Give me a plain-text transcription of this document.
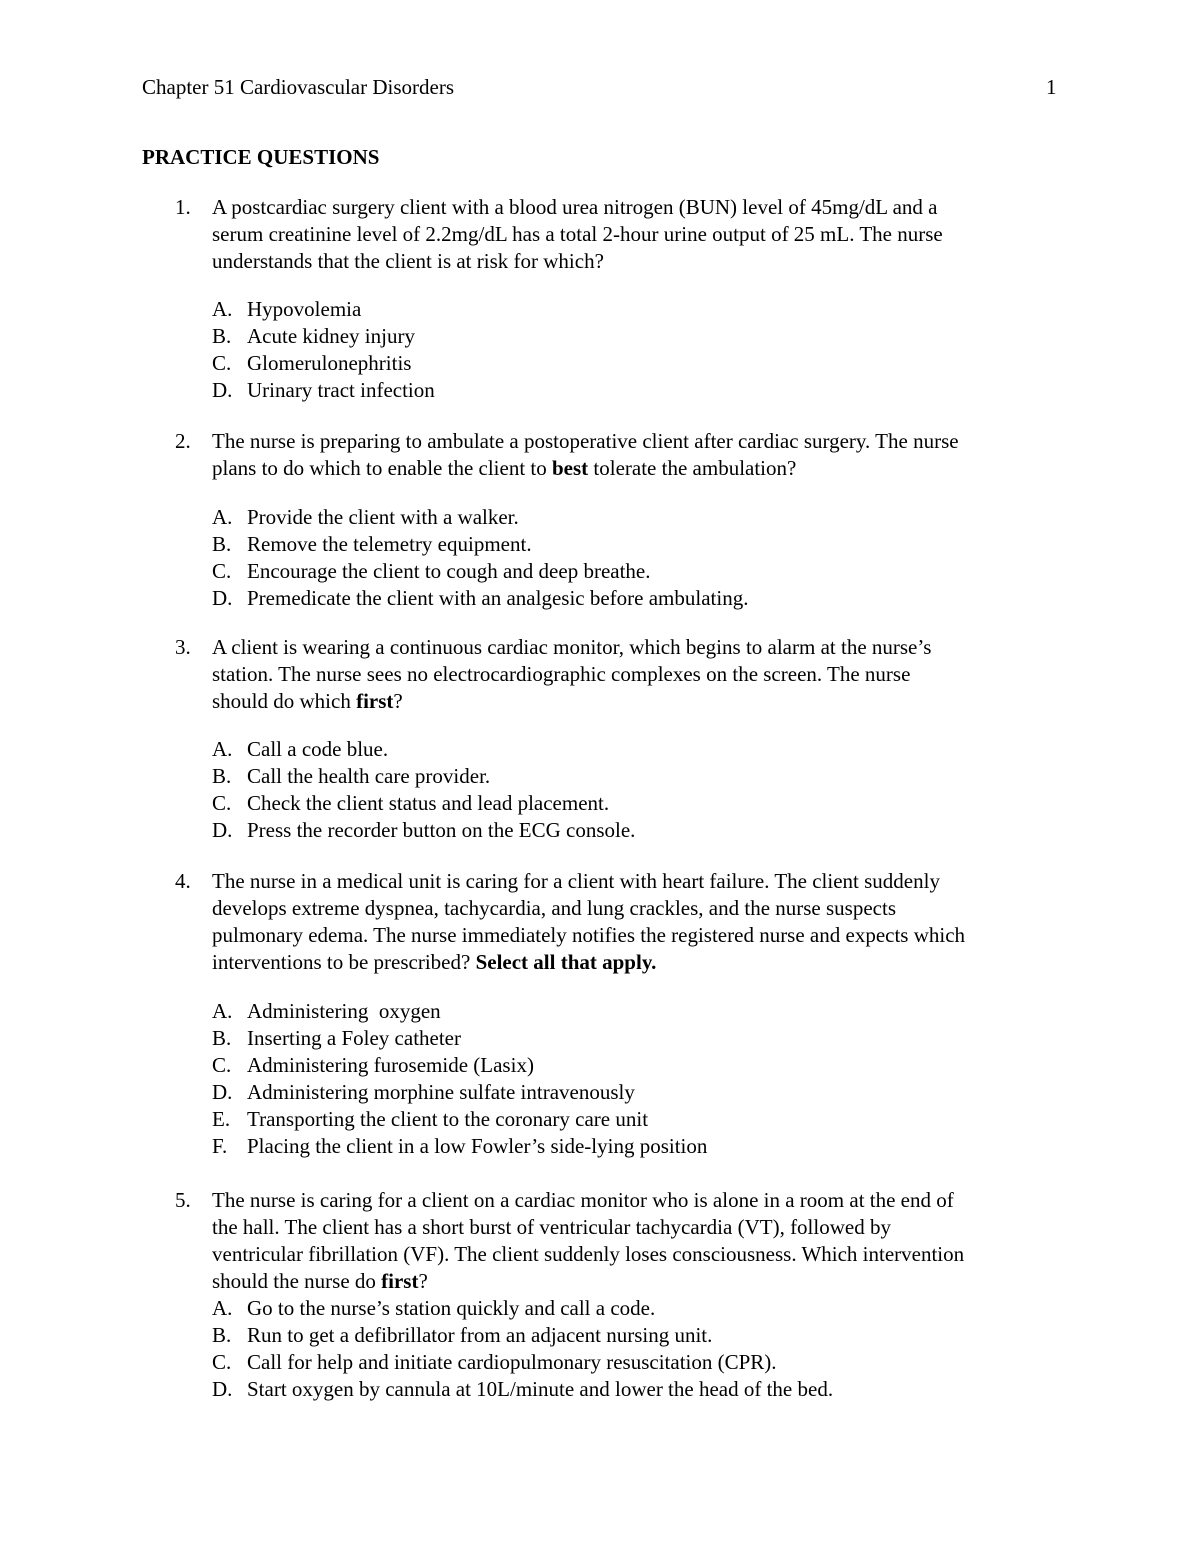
Chapter 51 Cardiovascular Disorders	1
PRACTICE QUESTIONS
1. A postcardiac surgery client with a blood urea nitrogen (BUN) level of 45mg/dL and a
serum creatinine level of 2.2mg/dL has a total 2-hour urine output of 25 mL. The nurse
understands that the client is at risk for which?
A. Hypovolemia
B. Acute kidney injury
C. Glomerulonephritis
D. Urinary tract infection
2. The nurse is preparing to ambulate a postoperative client after cardiac surgery. The nurse
plans to do which to enable the client to best tolerate the ambulation?
A. Provide the client with a walker.
B. Remove the telemetry equipment.
C. Encourage the client to cough and deep breathe.
D. Premedicate the client with an analgesic before ambulating.
3. A client is wearing a continuous cardiac monitor, which begins to alarm at the nurse’s
station. The nurse sees no electrocardiographic complexes on the screen. The nurse
should do which first?
A. Call a code blue.
B. Call the health care provider.
C. Check the client status and lead placement.
D. Press the recorder button on the ECG console.
4. The nurse in a medical unit is caring for a client with heart failure. The client suddenly
develops extreme dyspnea, tachycardia, and lung crackles, and the nurse suspects
pulmonary edema. The nurse immediately notifies the registered nurse and expects which
interventions to be prescribed? Select all that apply.
A. Administering  oxygen
B. Inserting a Foley catheter
C. Administering furosemide (Lasix)
D. Administering morphine sulfate intravenously
E. Transporting the client to the coronary care unit
F. Placing the client in a low Fowler’s side-lying position
5. The nurse is caring for a client on a cardiac monitor who is alone in a room at the end of
the hall. The client has a short burst of ventricular tachycardia (VT), followed by
ventricular fibrillation (VF). The client suddenly loses consciousness. Which intervention
should the nurse do first?
A. Go to the nurse’s station quickly and call a code.
B. Run to get a defibrillator from an adjacent nursing unit.
C. Call for help and initiate cardiopulmonary resuscitation (CPR).
D. Start oxygen by cannula at 10L/minute and lower the head of the bed.
